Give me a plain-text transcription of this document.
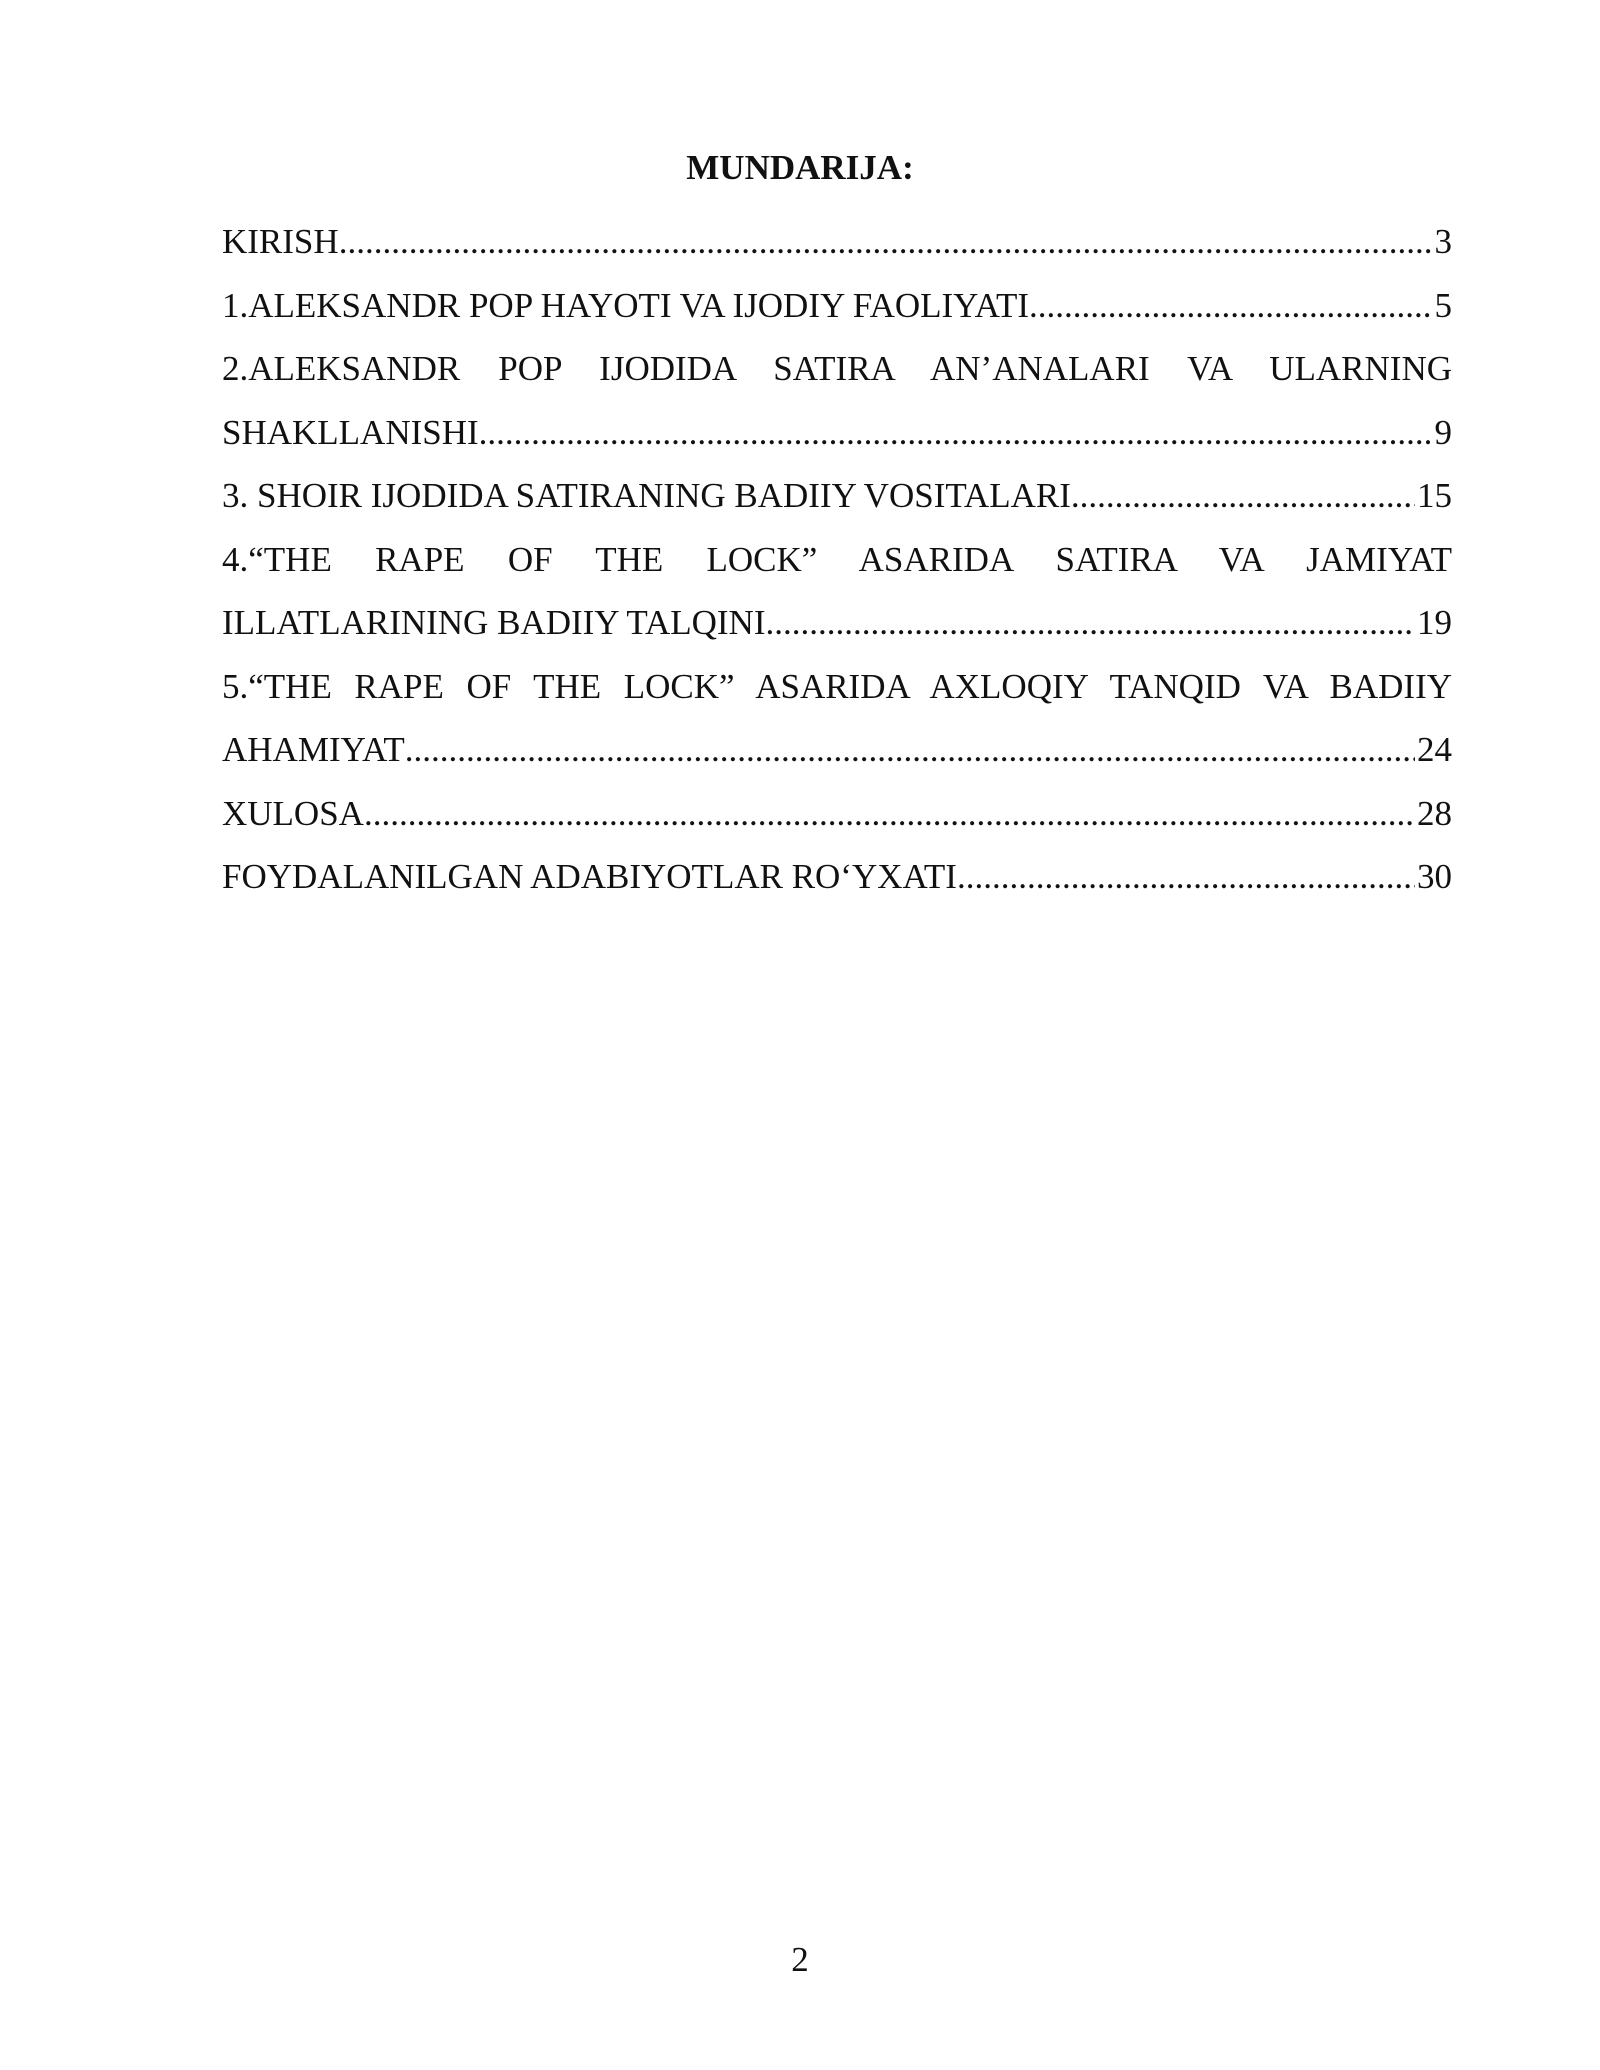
MUNDARIJA:
KIRISH .....	3
1.ALEKSANDR POP HAYOTI VA IJODIY FAOLIYATI .....	5
2.ALEKSANDR POP IJODIDA SATIRA AN’ANALARI VA ULARNING
SHAKLLANISHI .....	9
3. SHOIR IJODIDA SATIRANING BADIIY VOSITALARI .....	15
4.“THE RAPE OF THE LOCK” ASARIDA SATIRA VA JAMIYAT
ILLATLARINING BADIIY TALQINI .....	19
5.“THE RAPE OF THE LOCK” ASARIDA AXLOQIY TANQID VA BADIIY
AHAMIYAT .....	24
XULOSA .....	28
FOYDALANILGAN ADABIYOTLAR RO‘YXATI .....	30
2
